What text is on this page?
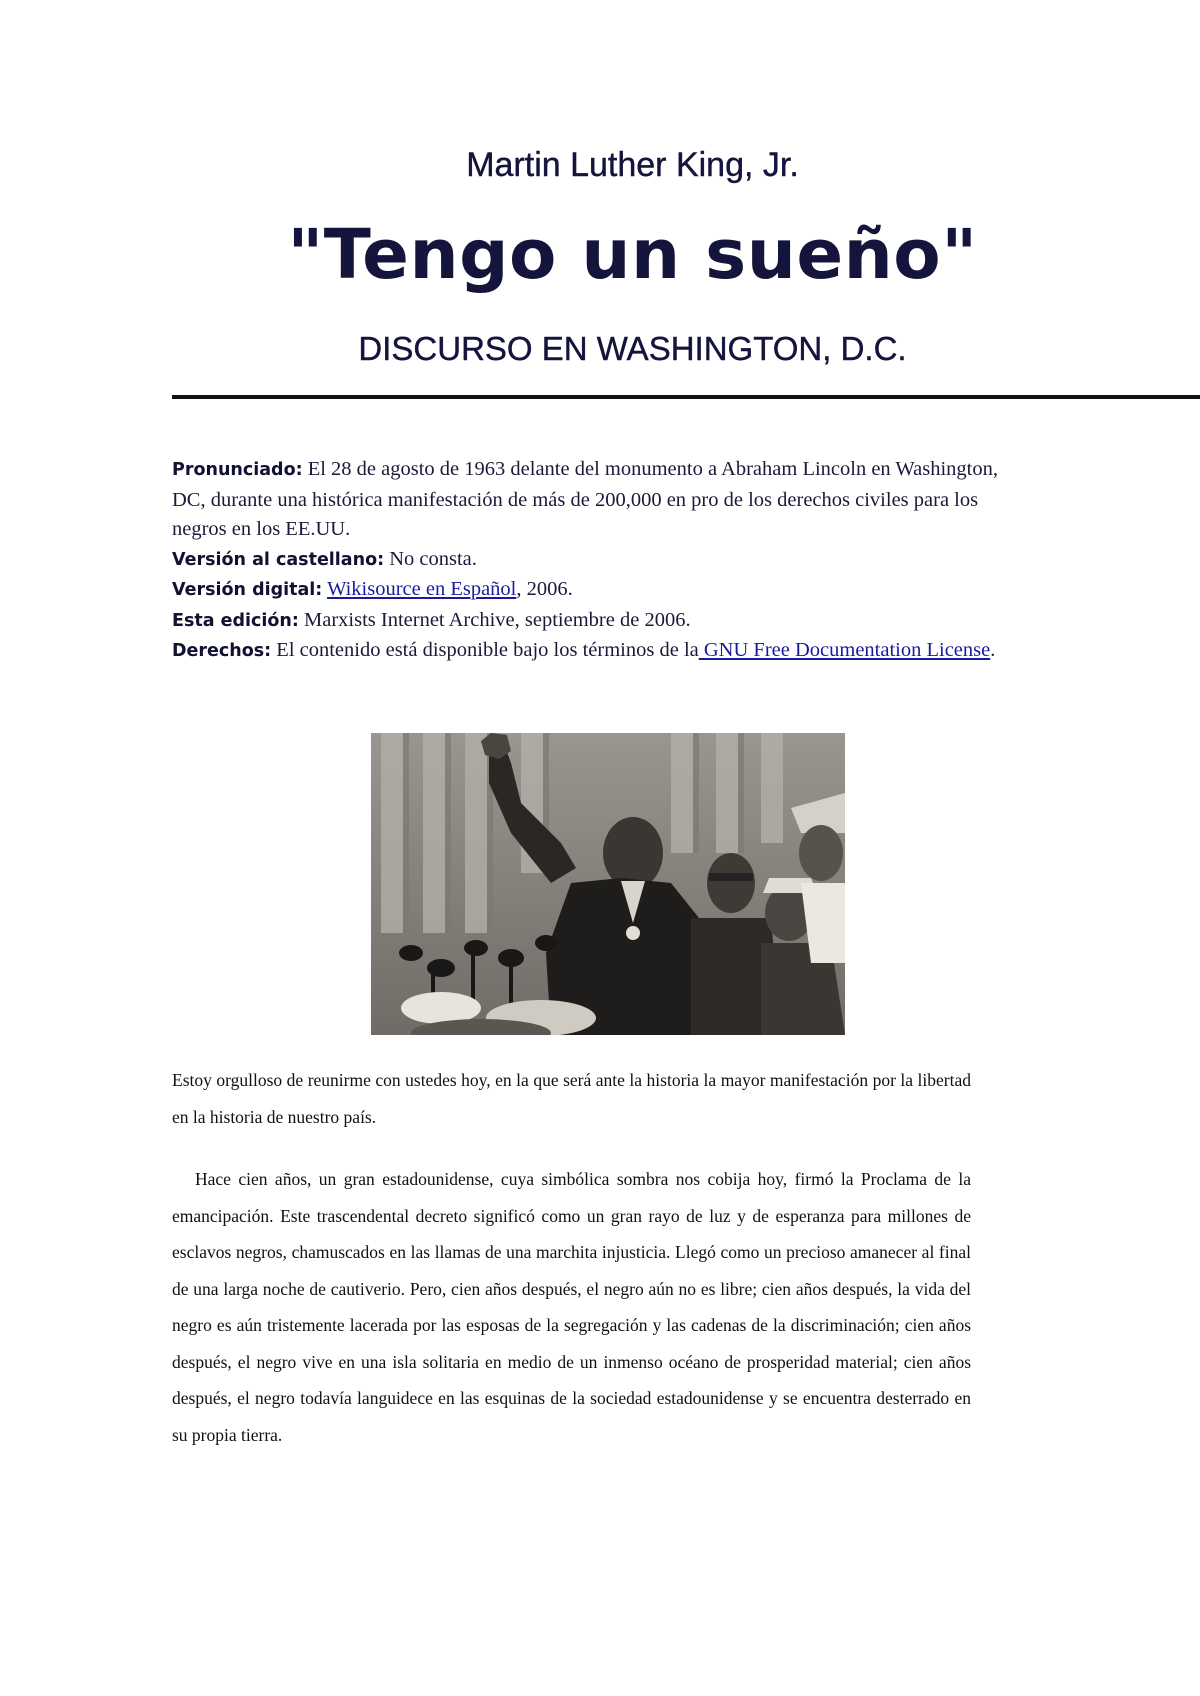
Martin Luther King, Jr.
"Tengo un sueño"
DISCURSO EN WASHINGTON, D.C.

Pronunciado: El 28 de agosto de 1963 delante del monumento a Abraham Lincoln en Washington, DC, durante una histórica manifestación de más de 200,000 en pro de los derechos civiles para los negros en los EE.UU.

Versión al castellano: No consta.

Versión digital: Wikisource en Español, 2006.

Esta edición: Marxists Internet Archive, septiembre de 2006.

Derechos: El contenido está disponible bajo los términos de la GNU Free Documentation License.

Estoy orgulloso de reunirme con ustedes hoy, en la que será ante la historia la mayor manifestación por la libertad en la historia de nuestro país.

Hace cien años, un gran estadounidense, cuya simbólica sombra nos cobija hoy, firmó la Proclama de la emancipación. Este trascendental decreto significó como un gran rayo de luz y de esperanza para millones de esclavos negros, chamuscados en las llamas de una marchita injusticia. Llegó como un precioso amanecer al final de una larga noche de cautiverio. Pero, cien años después, el negro aún no es libre; cien años después, la vida del negro es aún tristemente lacerada por las esposas de la segregación y las cadenas de la discriminación; cien años después, el negro vive en una isla solitaria en medio de un inmenso océano de prosperidad material; cien años después, el negro todavía languidece en las esquinas de la sociedad estadounidense y se encuentra desterrado en su propia tierra.
